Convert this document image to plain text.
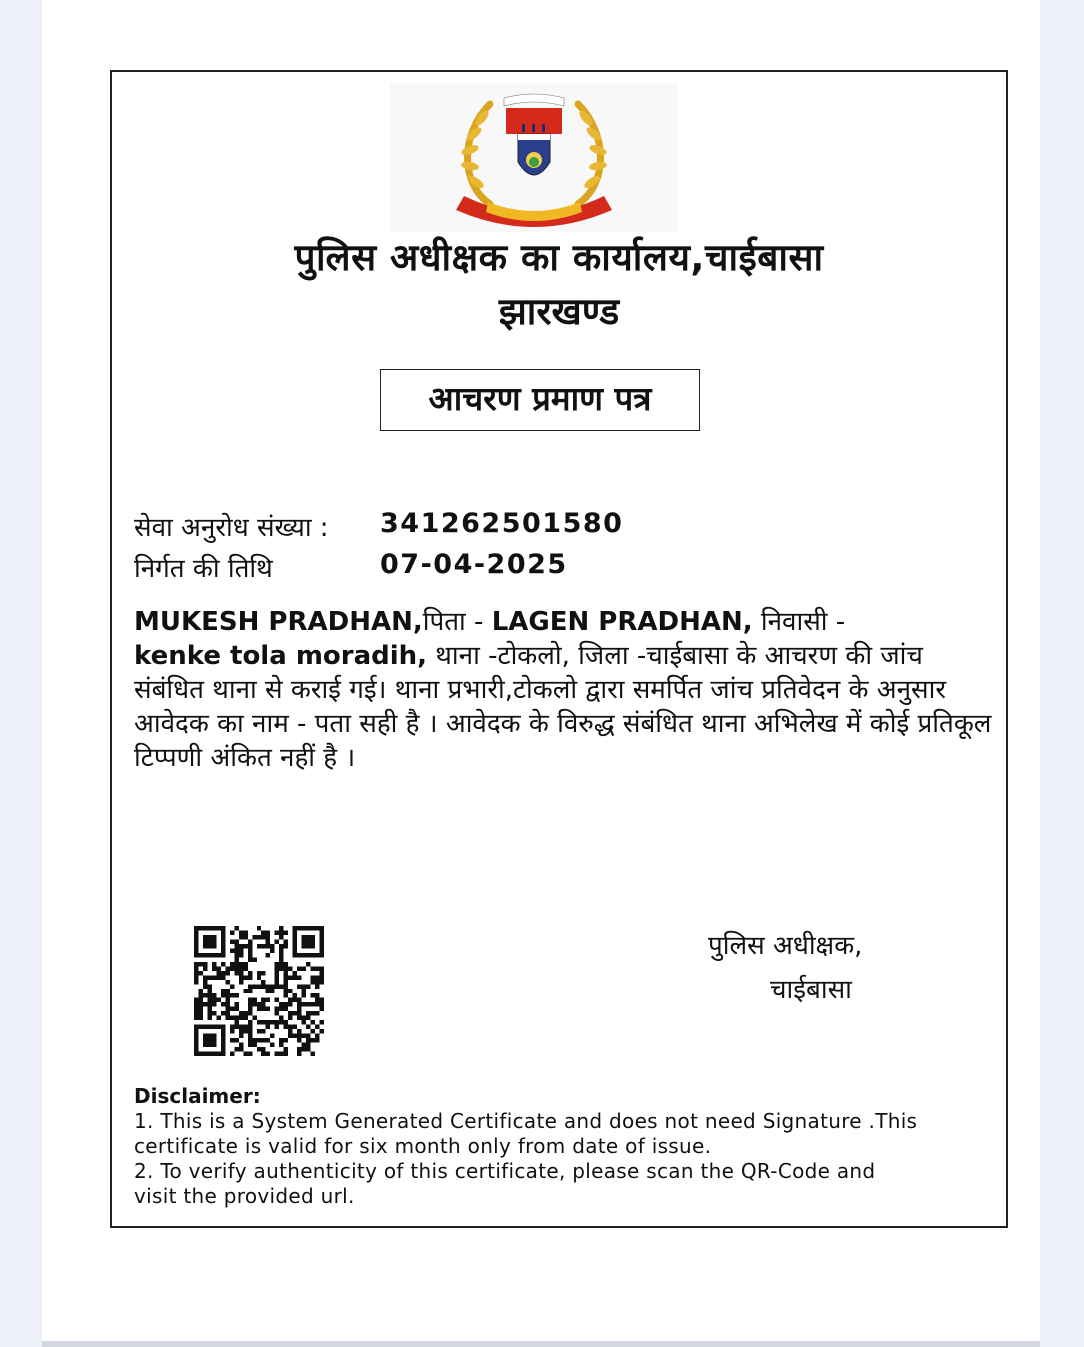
पुलिस अधीक्षक का कार्यालय,चाईबासा
झारखण्ड
आचरण प्रमाण पत्र
सेवा अनुरोध संख्या : 341262501580
निर्गत की तिथि	07-04-2025
MUKESH PRADHAN,पिता - LAGEN PRADHAN, निवासी -
kenke tola moradih, थाना -टोकलो, जिला -चाईबासा के आचरण की जांच संबंधित थाना से कराई गई। थाना प्रभारी,टोकलो द्वारा समर्पित जांच प्रतिवेदन के अनुसार आवेदक का नाम - पता सही है । आवेदक के विरुद्ध संबंधित थाना अभिलेख में कोई प्रतिकूल टिप्पणी अंकित नहीं है ।
पुलिस अधीक्षक,
चाईबासा
Disclaimer:
1. This is a System Generated Certificate and does not need Signature .This
certificate is valid for six month only from date of issue.
2. To verify authenticity of this certificate, please scan the QR-Code and
visit the provided url.
